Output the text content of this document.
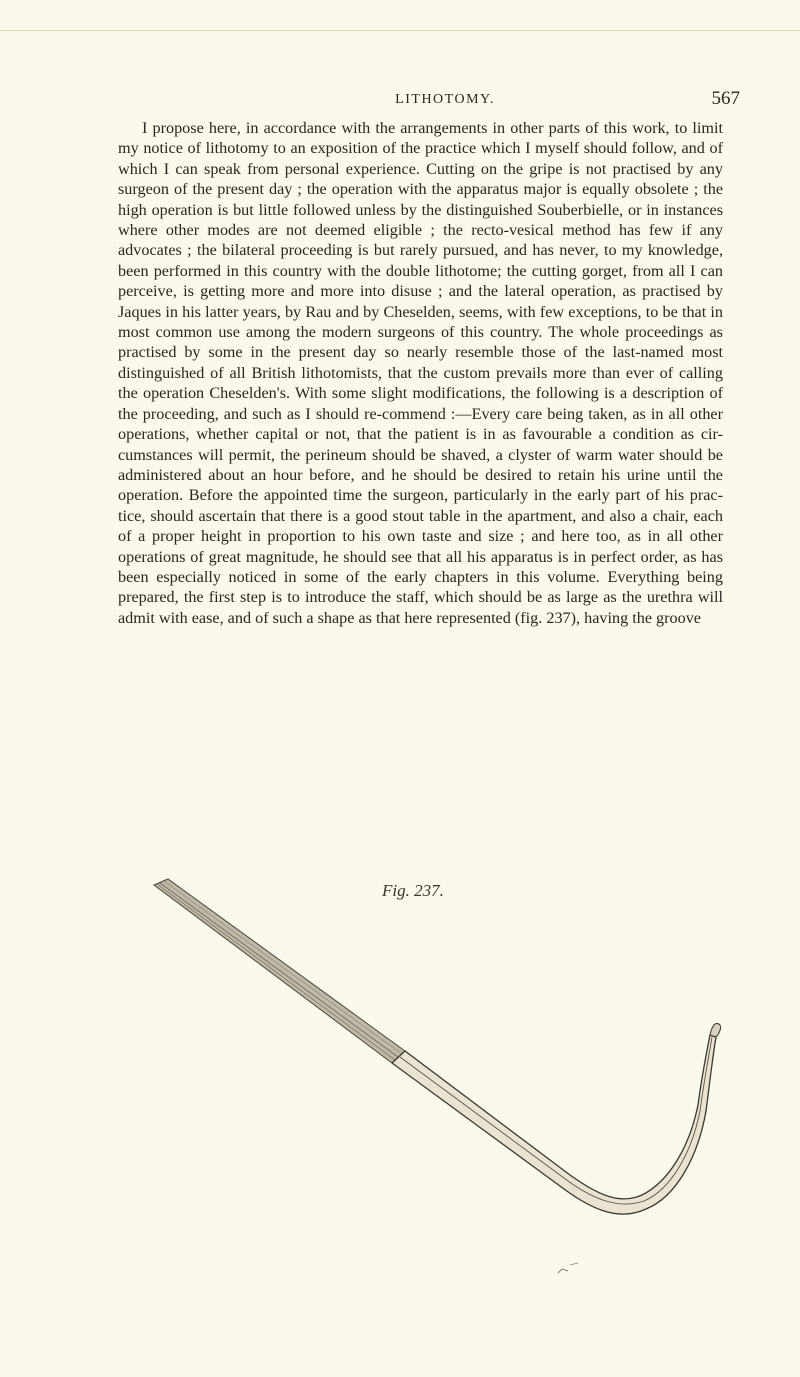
LITHOTOMY.	567

I propose here, in accordance with the arrangements in other parts of this work, to limit my notice of lithotomy to an exposition of the practice which I myself should follow, and of which I can speak from personal experience. Cutting on the gripe is not practised by any surgeon of the present day ; the operation with the apparatus major is equally obsolete ; the high operation is but little followed unless by the distinguished Souberbielle, or in instances where other modes are not deemed eligible ; the recto-vesical method has few if any advocates ; the bilateral proceeding is but rarely pursued, and has never, to my knowledge, been performed in this country with the double lithotome; the cutting gorget, from all I can perceive, is getting more and more into disuse ; and the lateral operation, as practised by Jaques in his latter years, by Rau and by Cheselden, seems, with few exceptions, to be that in most common use among the modern surgeons of this country. The whole proceedings as practised by some in the present day so nearly resemble those of the last-named most distinguished of all British lithotomists, that the custom prevails more than ever of calling the operation Cheselden's. With some slight modifications, the following is a description of the proceeding, and such as I should re-commend :—Every care being taken, as in all other operations, whether capital or not, that the patient is in as favourable a condition as cir-cumstances will permit, the perineum should be shaved, a clyster of warm water should be administered about an hour before, and he should be desired to retain his urine until the operation. Before the appointed time the surgeon, particularly in the early part of his prac-tice, should ascertain that there is a good stout table in the apartment, and also a chair, each of a proper height in proportion to his own taste and size ; and here too, as in all other operations of great magnitude, he should see that all his apparatus is in perfect order, as has been especially noticed in some of the early chapters in this volume. Everything being prepared, the first step is to introduce the staff, which should be as large as the urethra will admit with ease, and of such a shape as that here represented (fig. 237), having the groove

Fig. 237.
